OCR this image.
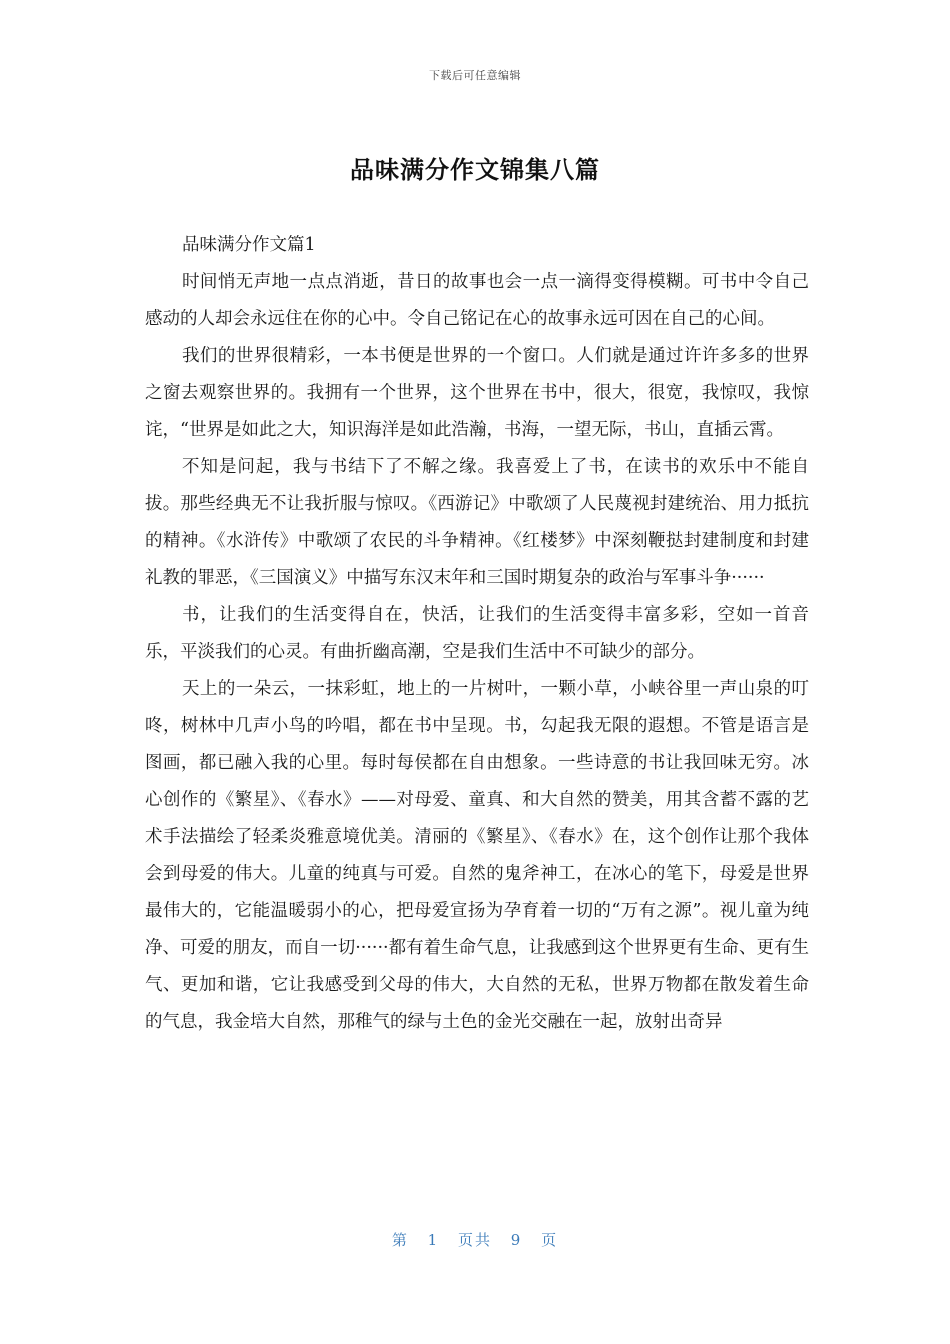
下载后可任意编辑
品味满分作文锦集八篇

品味满分作文篇1

时间悄无声地一点点消逝，昔日的故事也会一点一滴得变得模糊。可书中令自己感动的人却会永远住在你的心中。令自己铭记在心的故事永远可因在自己的心间。

我们的世界很精彩，一本书便是世界的一个窗口。人们就是通过许许多多的世界之窗去观察世界的。我拥有一个世界，这个世界在书中，很大，很宽，我惊叹，我惊诧，“世界是如此之大，知识海洋是如此浩瀚，书海，一望无际，书山，直插云霄。

不知是问起，我与书结下了不解之缘。我喜爱上了书，在读书的欢乐中不能自拔。那些经典无不让我折服与惊叹。《西游记》中歌颂了人民蔑视封建统治、用力抵抗的精神。《水浒传》中歌颂了农民的斗争精神。《红楼梦》中深刻鞭挞封建制度和封建礼教的罪恶，《三国演义》中描写东汉末年和三国时期复杂的政治与军事斗争······

书，让我们的生活变得自在，快活，让我们的生活变得丰富多彩，空如一首音乐，平淡我们的心灵。有曲折幽高潮，空是我们生活中不可缺少的部分。

天上的一朵云，一抹彩虹，地上的一片树叶，一颗小草，小峡谷里一声山泉的叮咚，树林中几声小鸟的吟唱，都在书中呈现。书，勾起我无限的遐想。不管是语言是图画，都已融入我的心里。每时每侯都在自由想象。一些诗意的书让我回味无穷。冰心创作的《繁星》、《春水》——对母爱、童真、和大自然的赞美，用其含蓄不露的艺术手法描绘了轻柔炎雅意境优美。清丽的《繁星》、《春水》在，这个创作让那个我体会到母爱的伟大。儿童的纯真与可爱。自然的鬼斧神工，在冰心的笔下，母爱是世界最伟大的，它能温暖弱小的心，把母爱宣扬为孕育着一切的“万有之源”。视儿童为纯净、可爱的朋友，而自一切······都有着生命气息，让我感到这个世界更有生命、更有生气、更加和谐，它让我感受到父母的伟大，大自然的无私，世界万物都在散发着生命的气息，我金培大自然，那稚气的绿与土色的金光交融在一起，放射出奇异

第 1 页共 9 页
